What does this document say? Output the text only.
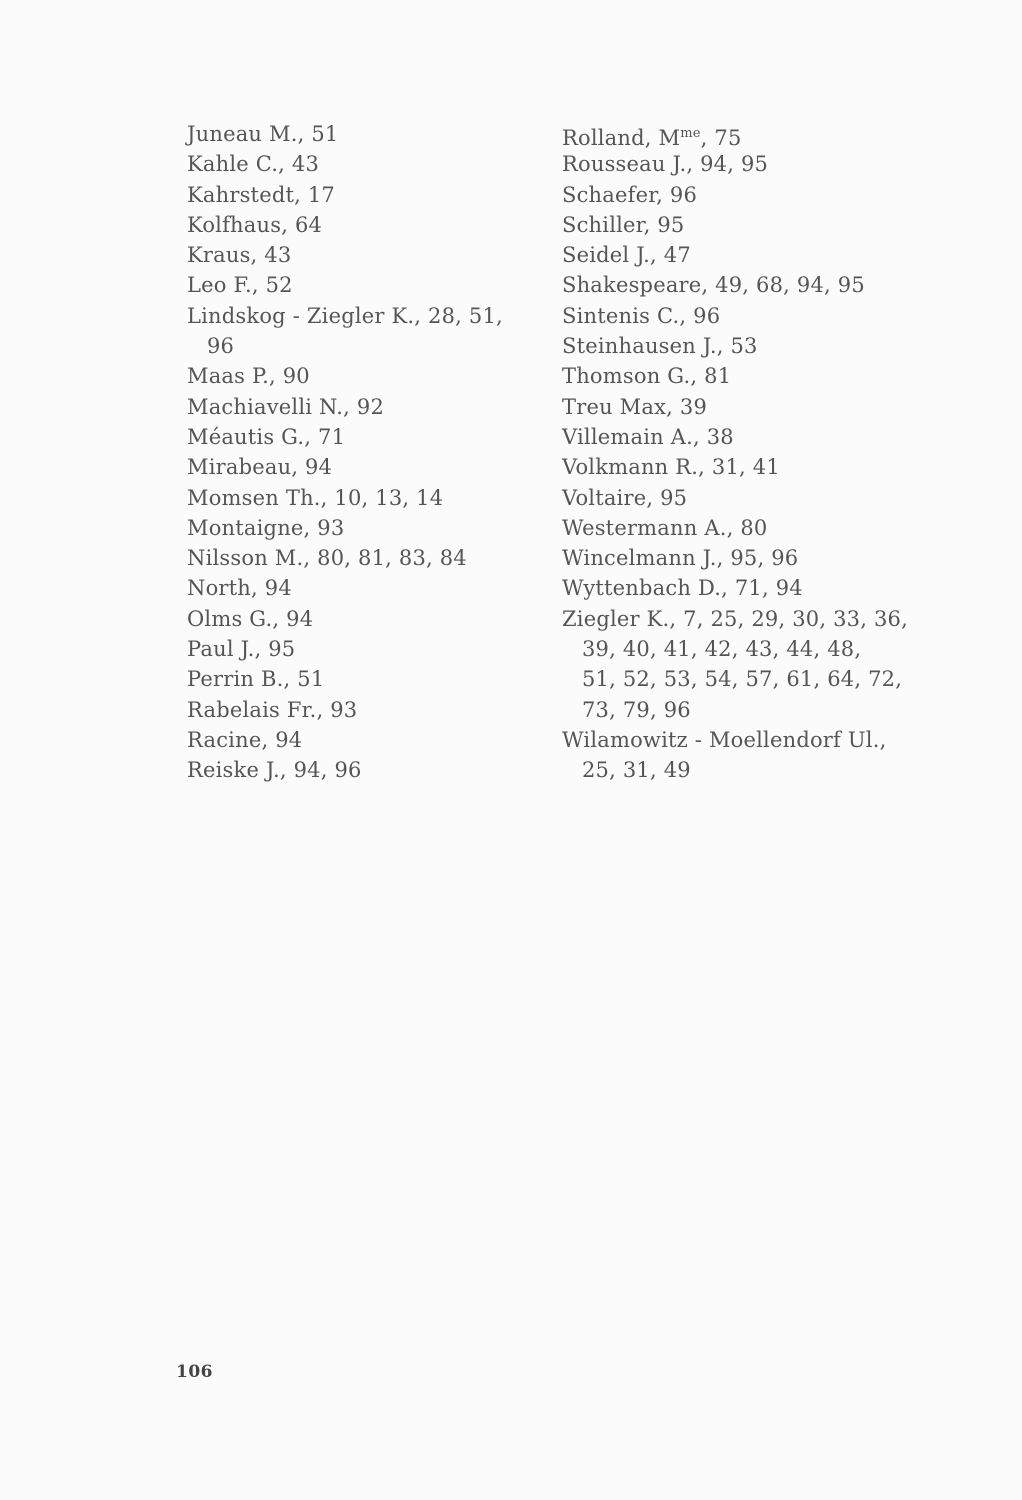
Juneau M., 51
Kahle C., 43
Kahrstedt, 17
Kolfhaus, 64
Kraus, 43
Leo F., 52
Lindskog - Ziegler K., 28, 51,
96
Maas P., 90
Machiavelli N., 92
Méautis G., 71
Mirabeau, 94
Momsen Th., 10, 13, 14
Montaigne, 93
Nilsson M., 80, 81, 83, 84
North, 94
Olms G., 94
Paul J., 95
Perrin B., 51
Rabelais Fr., 93
Racine, 94
Reiske J., 94, 96
Rolland, $M^{me}$, 75
Rousseau J., 94, 95
Schaefer, 96
Schiller, 95
Seidel J., 47
Shakespeare, 49, 68, 94, 95
Sintenis C., 96
Steinhausen J., 53
Thomson G., 81
Treu Max, 39
Villemain A., 38
Volkmann R., 31, 41
Voltaire, 95
Westermann A., 80
Wincelmann J., 95, 96
Wyttenbach D., 71, 94
Ziegler K., 7, 25, 29, 30, 33, 36,
39, 40, 41, 42, 43, 44, 48,
51, 52, 53, 54, 57, 61, 64, 72,
73, 79, 96
Wilamowitz - Moellendorf Ul.,
25, 31, 49
106
